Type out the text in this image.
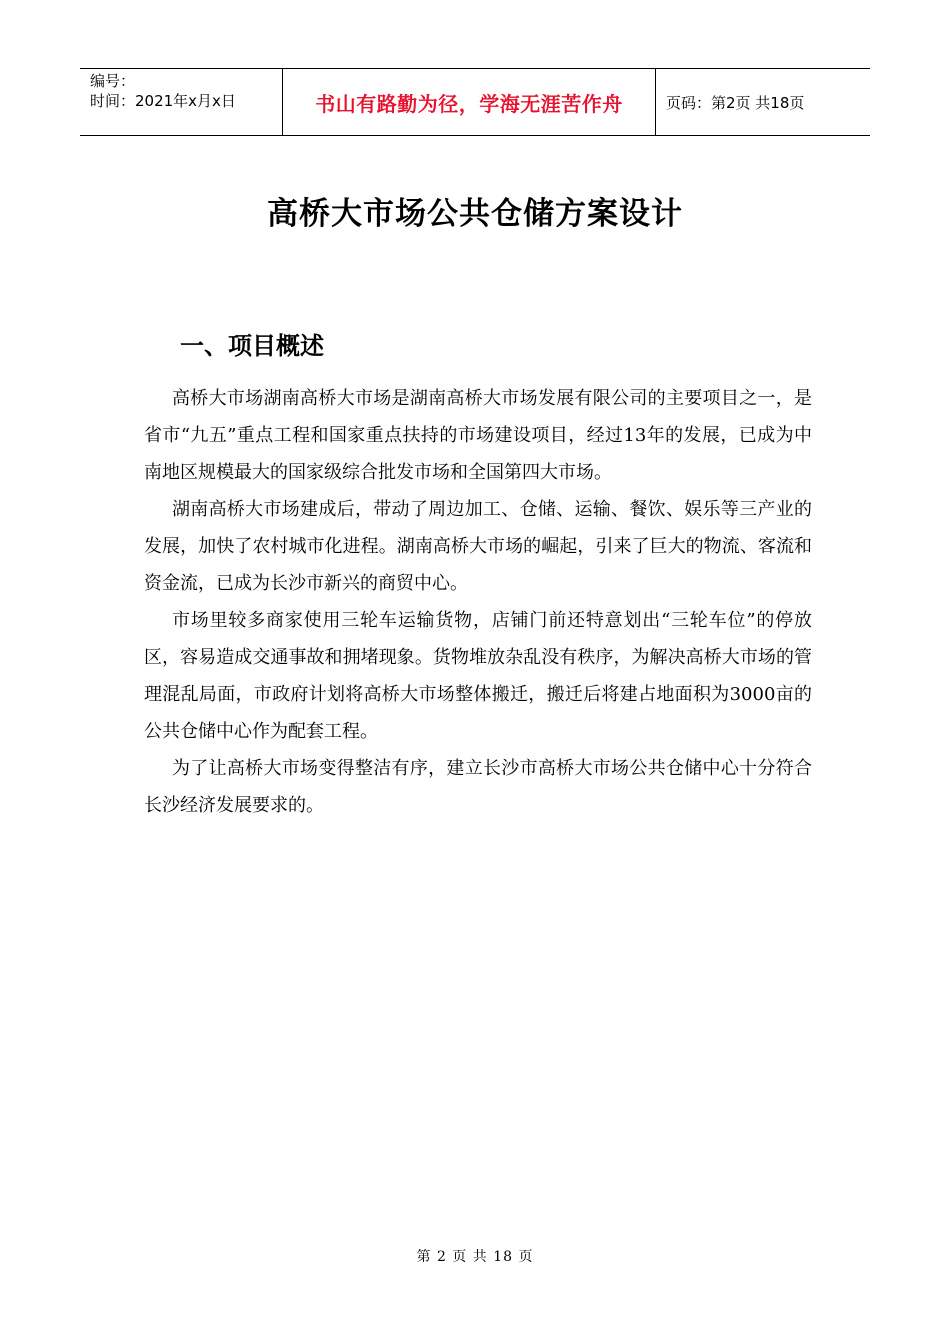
编号：
时间：2021年x月x日	书山有路勤为径，学海无涯苦作舟	页码：第2页 共18页
高桥大市场公共仓储方案设计
一、项目概述

高桥大市场湖南高桥大市场是湖南高桥大市场发展有限公司的主要项目之一，是省市“九五”重点工程和国家重点扶持的市场建设项目，经过13年的发展，已成为中南地区规模最大的国家级综合批发市场和全国第四大市场。

湖南高桥大市场建成后，带动了周边加工、仓储、运输、餐饮、娱乐等三产业的发展，加快了农村城市化进程。湖南高桥大市场的崛起，引来了巨大的物流、客流和资金流，已成为长沙市新兴的商贸中心。

市场里较多商家使用三轮车运输货物，店铺门前还特意划出“三轮车位”的停放区，容易造成交通事故和拥堵现象。货物堆放杂乱没有秩序，为解决高桥大市场的管理混乱局面，市政府计划将高桥大市场整体搬迁，搬迁后将建占地面积为3000亩的公共仓储中心作为配套工程。

为了让高桥大市场变得整洁有序，建立长沙市高桥大市场公共仓储中心十分符合长沙经济发展要求的。

第 2 页 共 18 页
